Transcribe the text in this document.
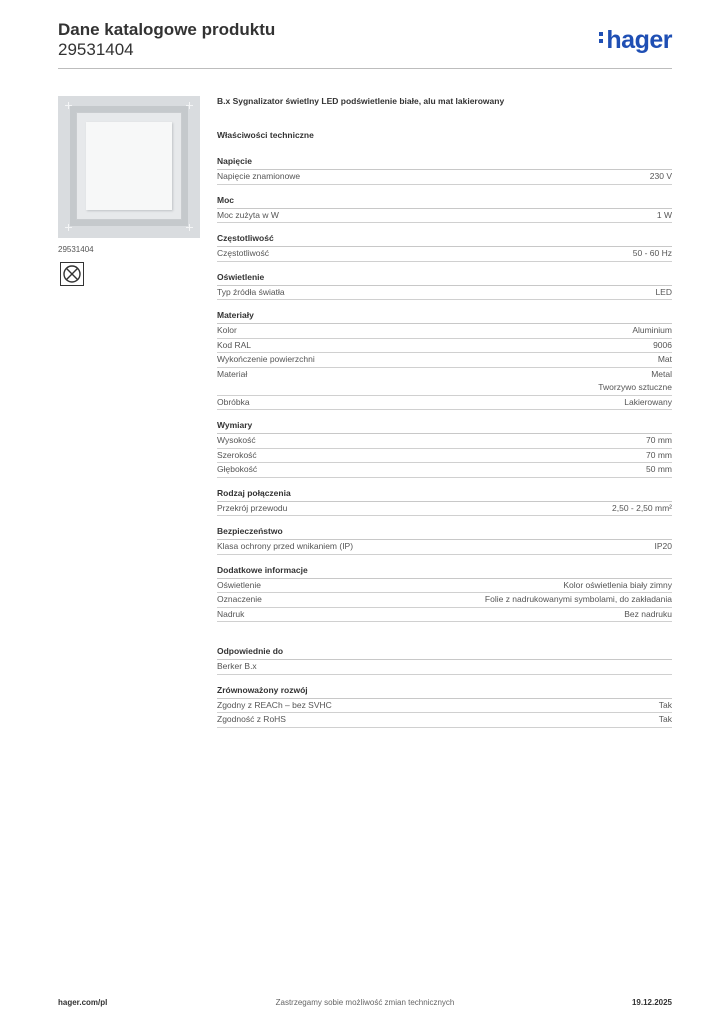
Dane katalogowe produktu
29531404	hager
29531404
B.x Sygnalizator świetlny LED podświetlenie białe, alu mat lakierowany
Właściwości techniczne
Napięcie
Napięcie znamionowe	230 V
Moc
Moc zużyta w W	1 W
Częstotliwość
Częstotliwość	50 - 60 Hz
Oświetlenie
Typ źródła światła	LED
Materiały
Kolor	Aluminium
Kod RAL	9006
Wykończenie powierzchni	Mat
Materiał	Metal
Tworzywo sztuczne
Obróbka	Lakierowany
Wymiary
Wysokość	70 mm
Szerokość	70 mm
Głębokość	50 mm
Rodzaj połączenia
Przekrój przewodu	2,50 - 2,50 mm²
Bezpieczeństwo
Klasa ochrony przed wnikaniem (IP)	IP20
Dodatkowe informacje
Oświetlenie	Kolor oświetlenia biały zimny
Oznaczenie	Folie z nadrukowanymi symbolami, do zakładania
Nadruk	Bez nadruku
Odpowiednie do
Berker B.x
Zrównoważony rozwój
Zgodny z REACh – bez SVHC	Tak
Zgodność z RoHS	Tak
hager.com/pl	Zastrzegamy sobie możliwość zmian technicznych	19.12.2025
